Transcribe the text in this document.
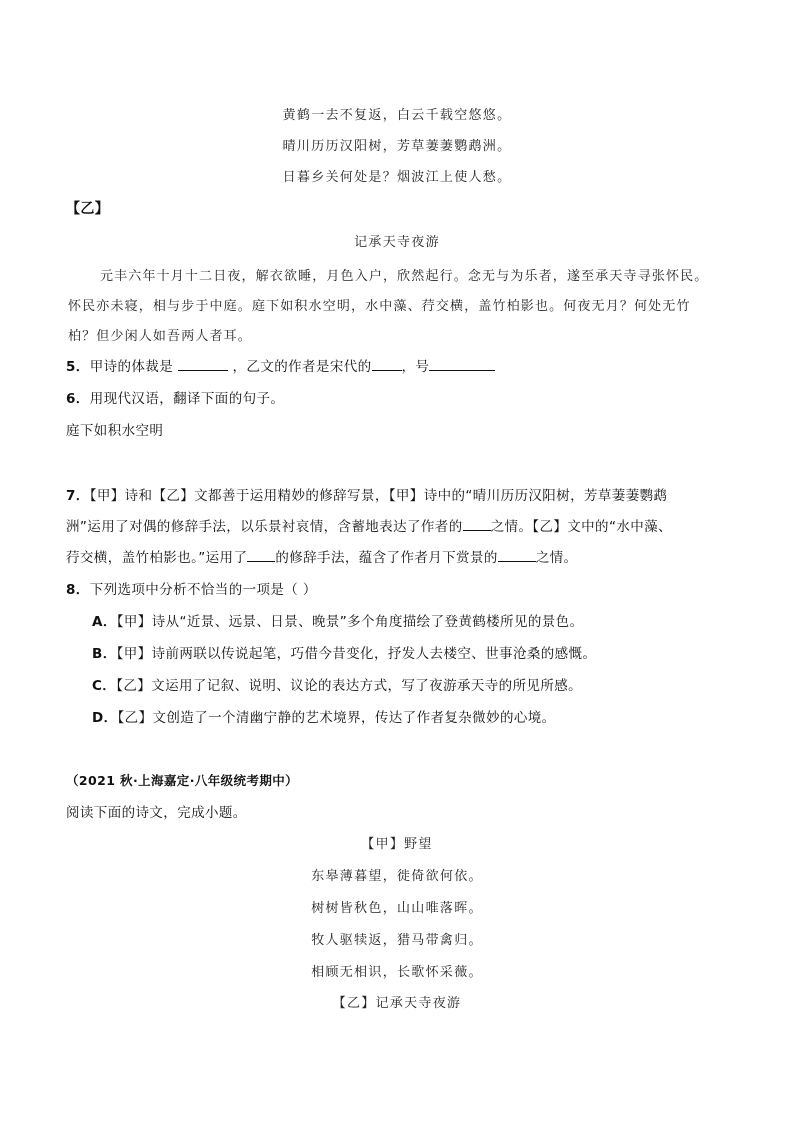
黄鹤一去不复返，白云千载空悠悠。
晴川历历汉阳树，芳草萋萋鹦鹉洲。
日暮乡关何处是？烟波江上使人愁。
【乙】
记承天寺夜游
元丰六年十月十二日夜，解衣欲睡，月色入户，欣然起行。念无与为乐者，遂至承天寺寻张怀民。
怀民亦未寝，相与步于中庭。庭下如积水空明，水中藻、荇交横，盖竹柏影也。何夜无月？何处无竹
柏？但少闲人如吾两人者耳。
5．甲诗的体裁是	，乙文的作者是宋代的 ，号
6．用现代汉语，翻译下面的句子。
庭下如积水空明
7．【甲】诗和【乙】文都善于运用精妙的修辞写景，【甲】诗中的“晴川历历汉阳树，芳草萋萋鹦鹉
洲”运用了对偶的修辞手法，以乐景衬哀情，含蓄地表达了作者的 之情。【乙】文中的“水中藻、
荇交横，盖竹柏影也。”运用了 的修辞手法，蕴含了作者月下赏景的	之情。
8．下列选项中分析不恰当的一项是（ ）
A．【甲】诗从“近景、远景、日景、晚景”多个角度描绘了登黄鹤楼所见的景色。
B．【甲】诗前两联以传说起笔，巧借今昔变化，抒发人去楼空、世事沧桑的感慨。
C．【乙】文运用了记叙、说明、议论的表达方式，写了夜游承天寺的所见所感。
D．【乙】文创造了一个清幽宁静的艺术境界，传达了作者复杂微妙的心境。
（2021 秋·上海嘉定·八年级统考期中）
阅读下面的诗文，完成小题。
【甲】野望
东皋薄暮望，徙倚欲何依。
树树皆秋色，山山唯落晖。
牧人驱犊返，猎马带禽归。
相顾无相识，长歌怀采薇。
【乙】记承天寺夜游
